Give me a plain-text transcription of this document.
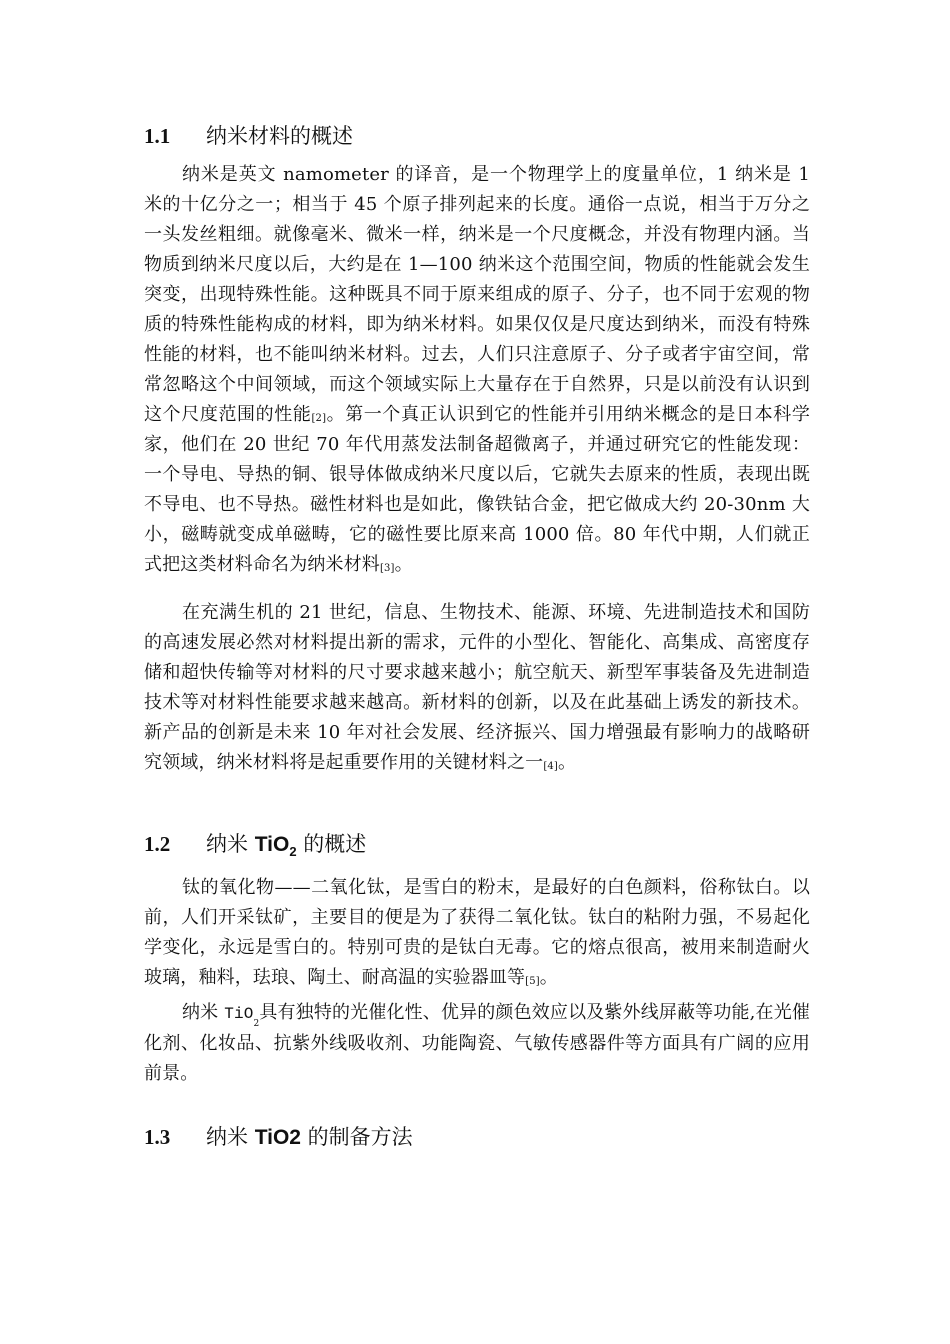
1.1 纳米材料的概述

纳米是英文 namometer 的译音，是一个物理学上的度量单位，1 纳米是 1 米的十亿分之一；相当于 45 个原子排列起来的长度。通俗一点说，相当于万分之一头发丝粗细。就像毫米、微米一样，纳米是一个尺度概念，并没有物理内涵。当物质到纳米尺度以后，大约是在 1—100 纳米这个范围空间，物质的性能就会发生突变，出现特殊性能。这种既具不同于原来组成的原子、分子，也不同于宏观的物质的特殊性能构成的材料，即为纳米材料。如果仅仅是尺度达到纳米，而没有特殊性能的材料，也不能叫纳米材料。过去，人们只注意原子、分子或者宇宙空间，常常忽略这个中间领域，而这个领域实际上大量存在于自然界，只是以前没有认识到这个尺度范围的性能[2]。第一个真正认识到它的性能并引用纳米概念的是日本科学家，他们在 20 世纪 70 年代用蒸发法制备超微离子，并通过研究它的性能发现：一个导电、导热的铜、银导体做成纳米尺度以后，它就失去原来的性质，表现出既不导电、也不导热。磁性材料也是如此，像铁钴合金，把它做成大约 20-30nm 大小，磁畴就变成单磁畴，它的磁性要比原来高 1000 倍。80 年代中期，人们就正式把这类材料命名为纳米材料[3]。

在充满生机的 21 世纪，信息、生物技术、能源、环境、先进制造技术和国防的高速发展必然对材料提出新的需求，元件的小型化、智能化、高集成、高密度存储和超快传输等对材料的尺寸要求越来越小；航空航天、新型军事装备及先进制造技术等对材料性能要求越来越高。新材料的创新，以及在此基础上诱发的新技术。新产品的创新是未来 10 年对社会发展、经济振兴、国力增强最有影响力的战略研究领域，纳米材料将是起重要作用的关键材料之一[4]。

1.2 纳米 TiO$_2$ 的概述

钛的氧化物——二氧化钛，是雪白的粉末，是最好的白色颜料，俗称钛白。以前，人们开采钛矿，主要目的便是为了获得二氧化钛。钛白的粘附力强，不易起化学变化，永远是雪白的。特别可贵的是钛白无毒。它的熔点很高，被用来制造耐火玻璃，釉料，珐琅、陶土、耐高温的实验器皿等[5]。

纳米 TiO$_2$具有独特的光催化性、优异的颜色效应以及紫外线屏蔽等功能,在光催化剂、化妆品、抗紫外线吸收剂、功能陶瓷、气敏传感器件等方面具有广阔的应用前景。

1.3 纳米 TiO2 的制备方法
